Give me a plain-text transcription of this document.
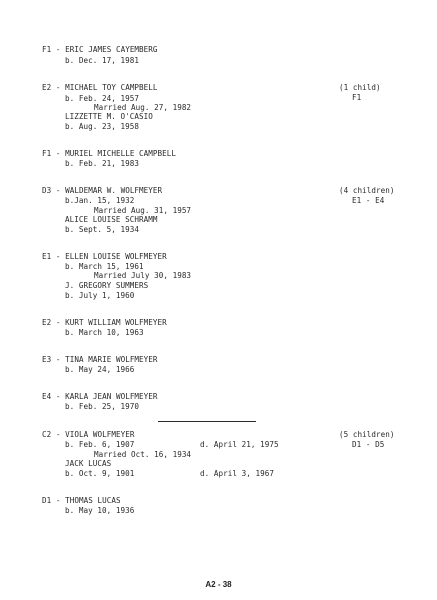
F1 - ERIC JAMES CAYEMBERG
b. Dec. 17, 1981
E2 - MICHAEL TOY CAMPBELL
b. Feb. 24, 1957
Married Aug. 27, 1982
LIZZETTE M. O'CASIO
b. Aug. 23, 1958
(1 child)
F1
F1 - MURIEL MICHELLE CAMPBELL
b. Feb. 21, 1983
D3 - WALDEMAR W. WOLFMEYER
b.Jan. 15, 1932
Married Aug. 31, 1957
ALICE LOUISE SCHRAMM
b. Sept. 5, 1934
(4 children)
E1 - E4
E1 - ELLEN LOUISE WOLFMEYER
b. March 15, 1961
Married July 30, 1983
J. GREGORY SUMMERS
b. July 1, 1960
E2 - KURT WILLIAM WOLFMEYER
b. March 10, 1963
E3 - TINA MARIE WOLFMEYER
b. May 24, 1966
E4 - KARLA JEAN WOLFMEYER
b. Feb. 25, 1970
C2 - VIOLA WOLFMEYER
b. Feb. 6, 1907	d. April 21, 1975
Married Oct. 16, 1934
JACK LUCAS
b. Oct. 9, 1901	d. April 3, 1967
(5 children)
D1 - D5
D1 - THOMAS LUCAS
b. May 10, 1936
A2 - 38
